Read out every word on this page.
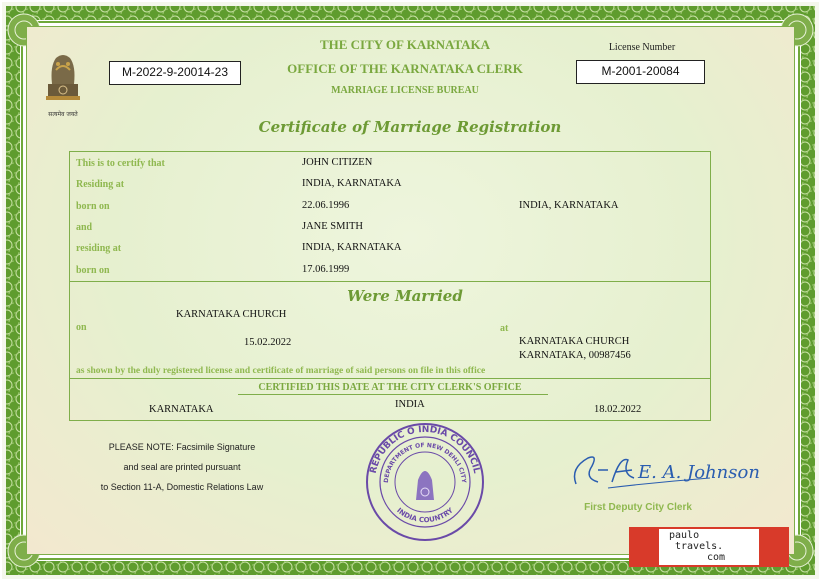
सत्यमेव जयते
THE CITY OF KARNATAKA
OFFICE OF THE KARNATAKA CLERK
MARRIAGE LICENSE BUREAU
M-2022-9-20014-23
License Number
M-2001-20084
Certificate of Marriage Registration
This is to certify that	JOHN CITIZEN
Residing at	INDIA, KARNATAKA
born on	22.06.1996	INDIA, KARNATAKA
and	JANE SMITH
residing at	INDIA, KARNATAKA
born on	17.06.1999
Were Married
KARNATAKA CHURCH
on
15.02.2022
at
KARNATAKA CHURCH
KARNATAKA, 00987456
as shown by the duly registered license and certificate of marriage of said persons on file in this office
CERTIFIED THIS DATE AT THE CITY CLERK'S OFFICE
KARNATAKA	INDIA	18.02.2022
PLEASE NOTE: Facsimile Signature
and seal are printed pursuant
to Section 11-A, Domestic Relations Law
REPUBLIC O INDIA COUNCIL
DEPARTMENT OF NEW DEHLI CITY
INDIA COUNTRY
E. A. Johnson
First Deputy City Clerk
paulo
travels.
com
